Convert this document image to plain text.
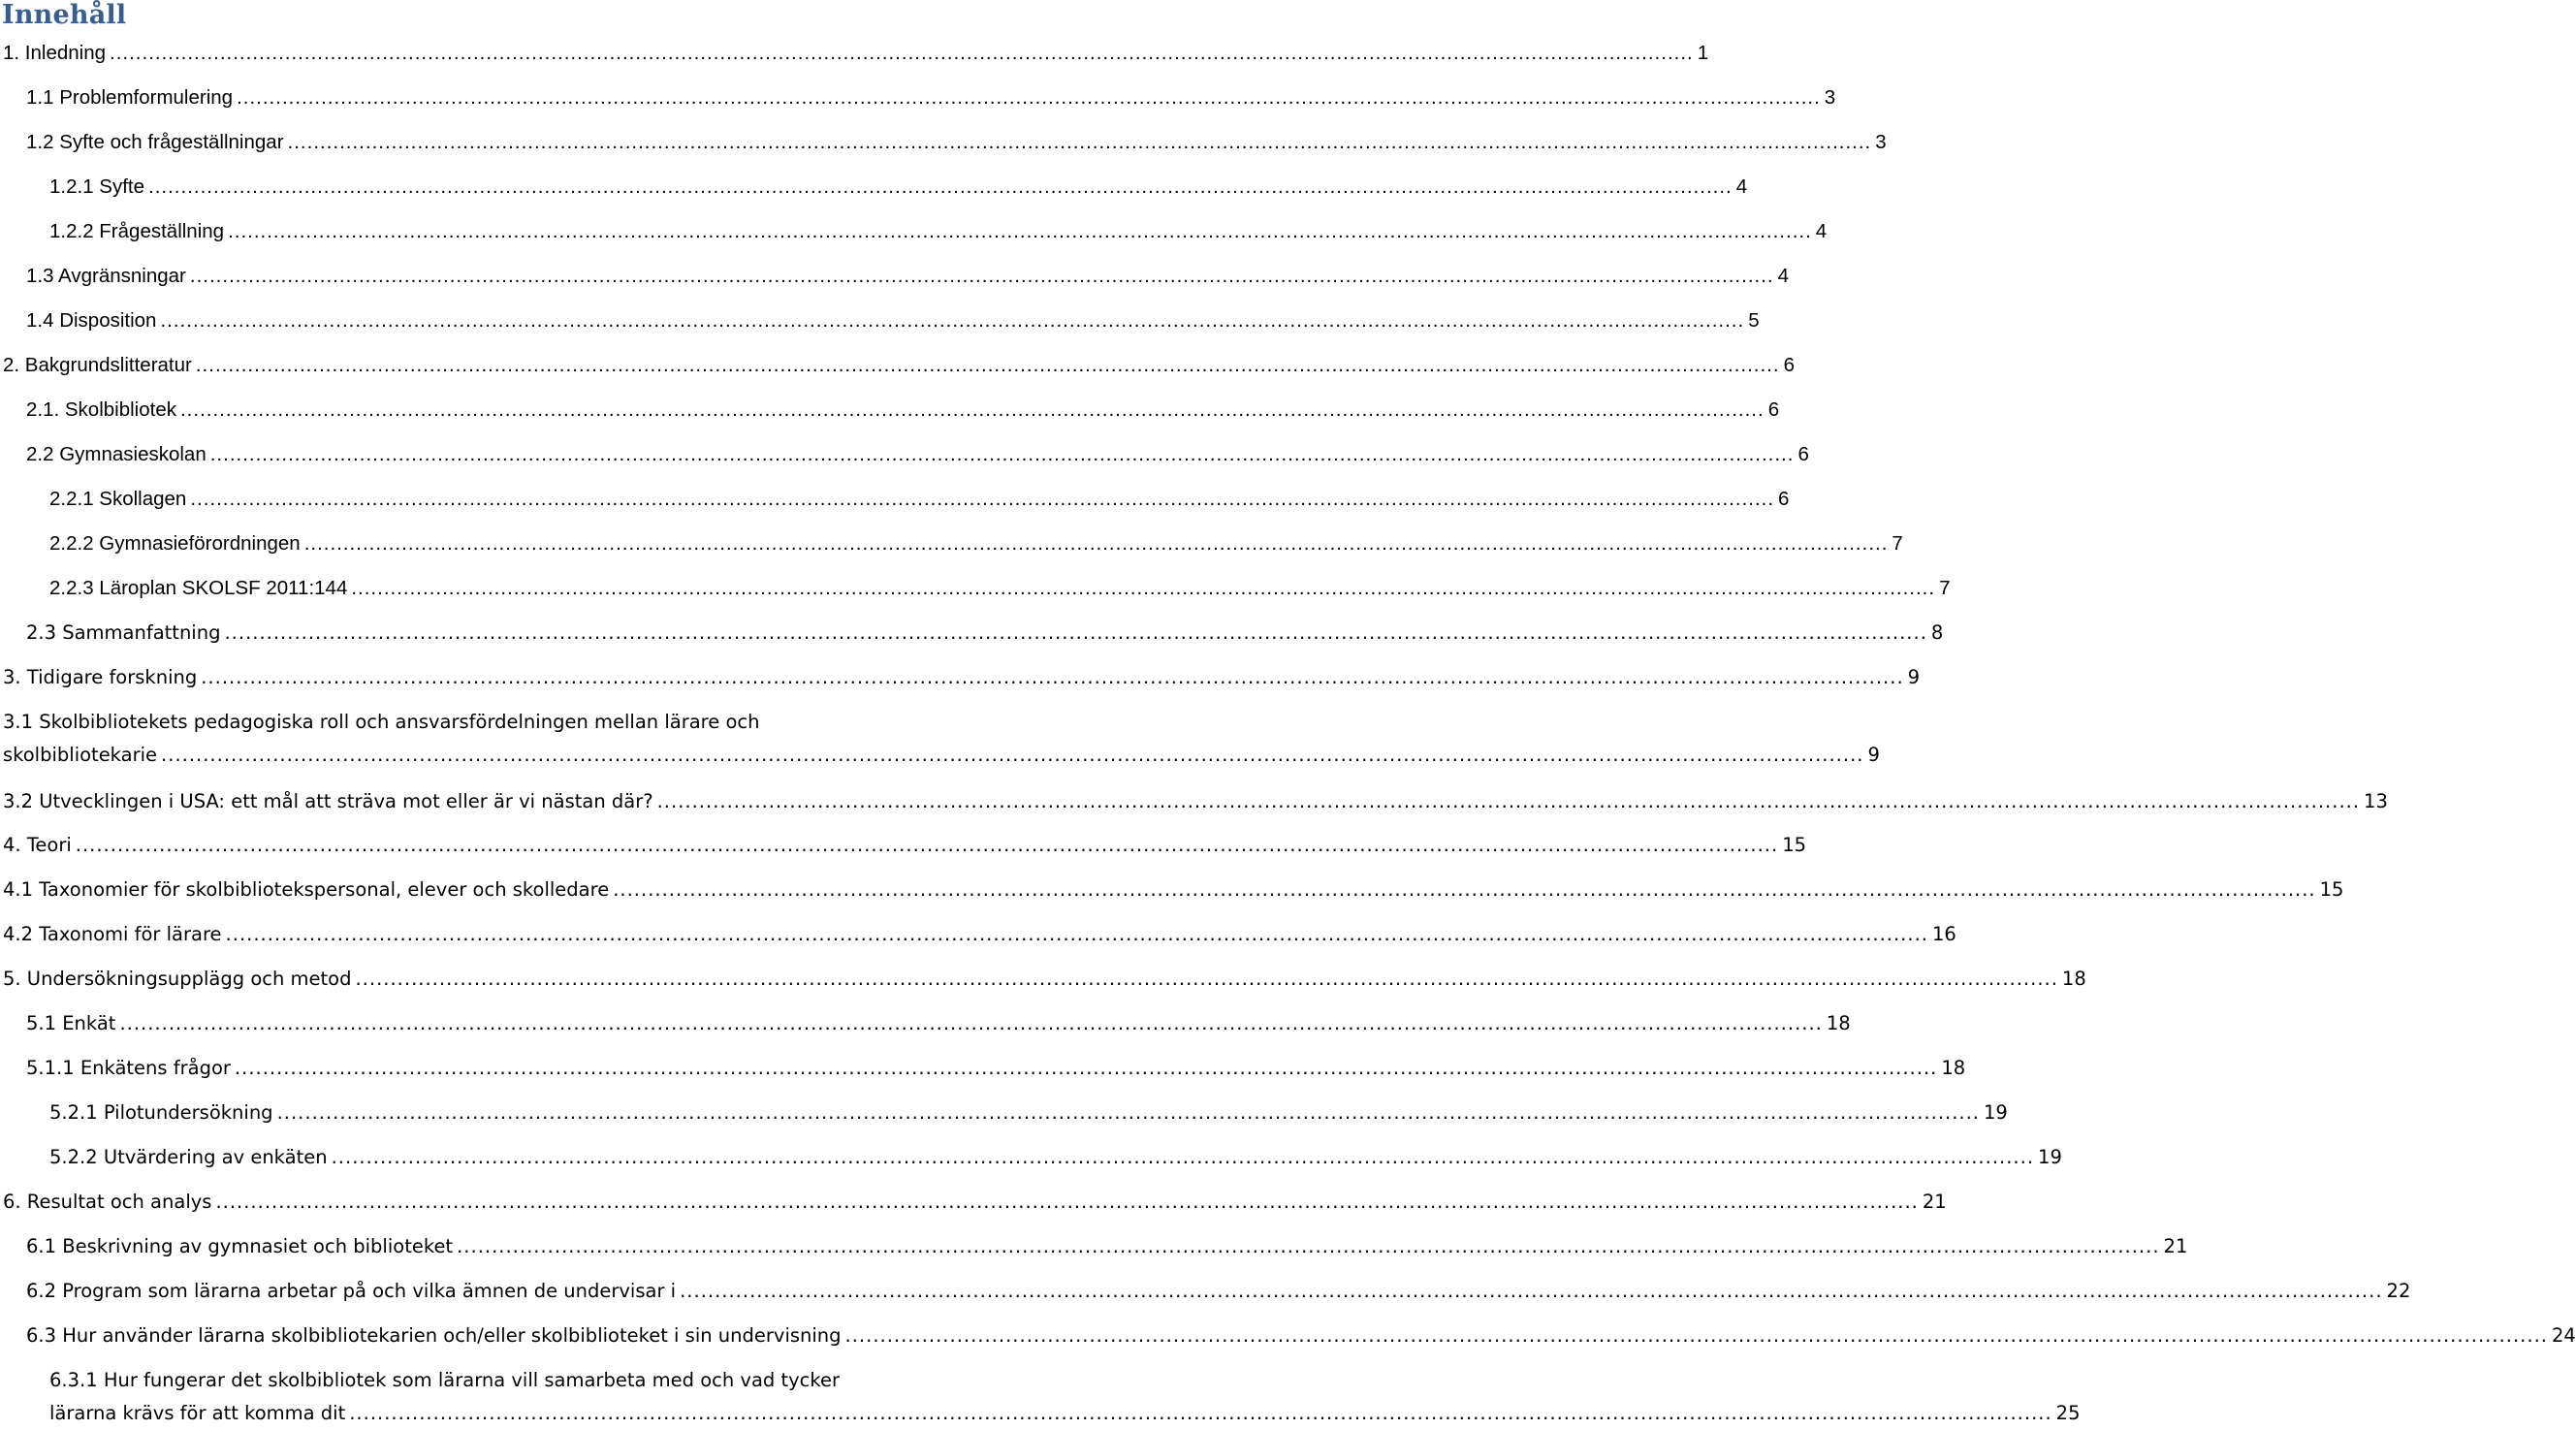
Innehåll
1. Inledning .....	1
1.1 Problemformulering .....	3
1.2 Syfte och frågeställningar .....	3
1.2.1 Syfte .....	4
1.2.2 Frågeställning .....	4
1.3 Avgränsningar .....	4
1.4 Disposition .....	5
2. Bakgrundslitteratur .....	6
2.1. Skolbibliotek .....	6
2.2 Gymnasieskolan .....	6
2.2.1 Skollagen .....	6
2.2.2 Gymnasieförordningen .....	7
2.2.3 Läroplan SKOLSF 2011:144 .....	7
2.3 Sammanfattning .....	8
3. Tidigare forskning .....	9
3.1 Skolbibliotekets pedagogiska roll och ansvarsfördelningen mellan lärare och
skolbibliotekarie .....	9
3.2 Utvecklingen i USA: ett mål att sträva mot eller är vi nästan där? .....	13
4. Teori .....	15
4.1 Taxonomier för skolbibliotekspersonal, elever och skolledare .....	15
4.2 Taxonomi för lärare .....	16
5. Undersökningsupplägg och metod .....	18
5.1 Enkät .....	18
5.1.1 Enkätens frågor .....	18
5.2.1 Pilotundersökning .....	19
5.2.2 Utvärdering av enkäten .....	19
6. Resultat och analys .....	21
6.1 Beskrivning av gymnasiet och biblioteket .....	21
6.2 Program som lärarna arbetar på och vilka ämnen de undervisar i .....	22
6.3 Hur använder lärarna skolbibliotekarien och/eller skolbiblioteket i sin undervisning .....	24
6.3.1 Hur fungerar det skolbibliotek som lärarna vill samarbeta med och vad tycker
lärarna krävs för att komma dit .....	25
